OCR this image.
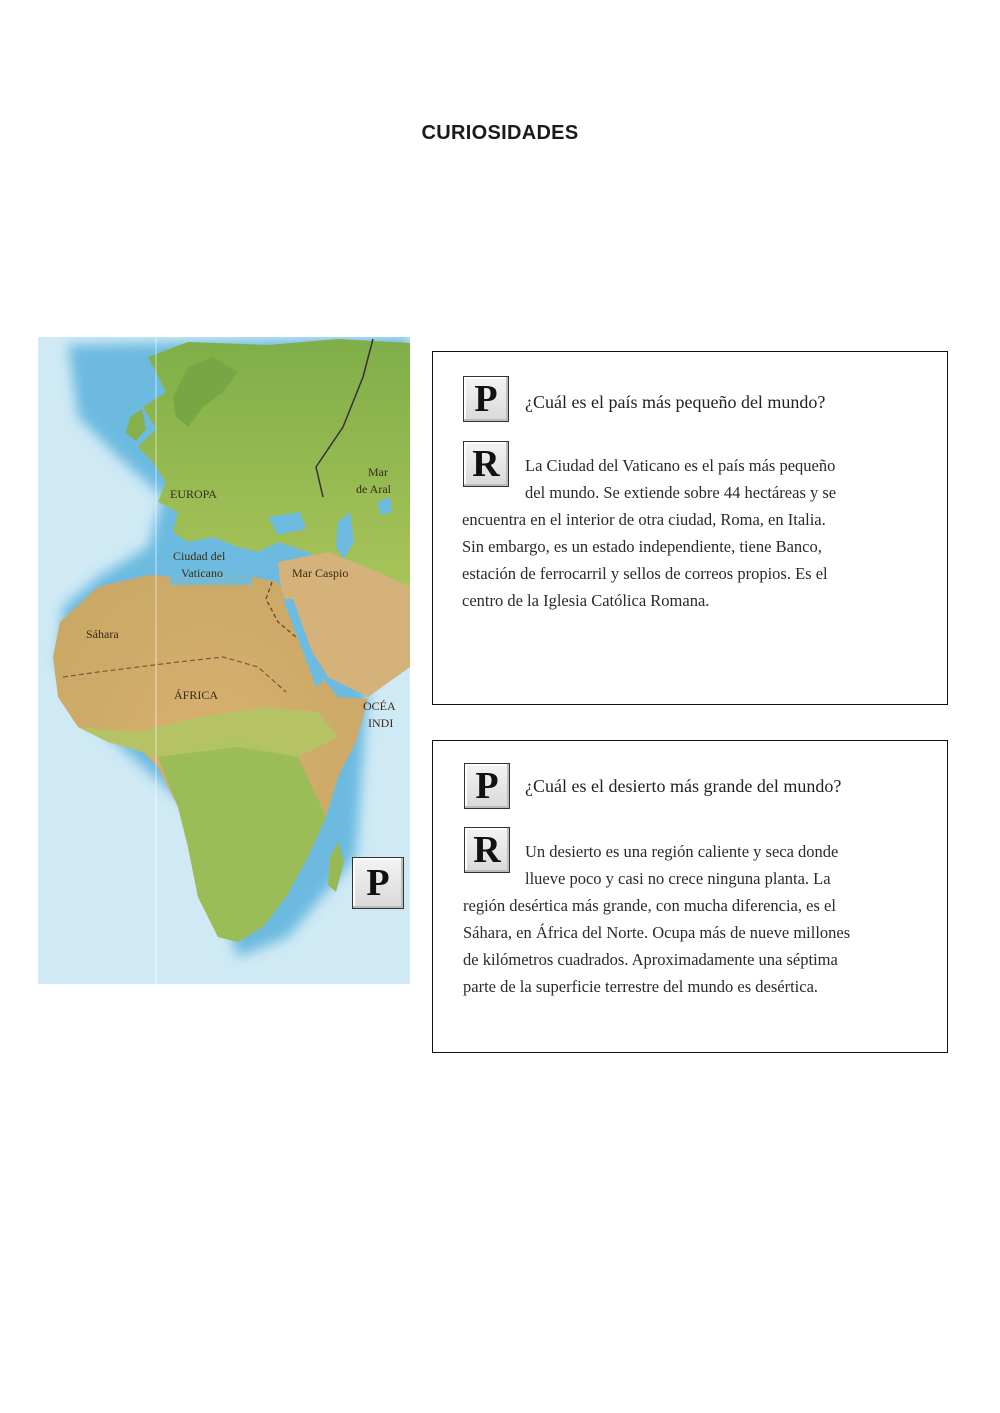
CURIOSIDADES
EUROPA
Mar
de Aral
Ciudad del
Vaticano	Mar Caspio
Sáhara
ÁFRICA
OCÉA
INDI
P
P	¿Cuál es el país más pequeño del mundo?
R	La Ciudad del Vaticano es el país más pequeño
del mundo. Se extiende sobre 44 hectáreas y se
encuentra en el interior de otra ciudad, Roma, en Italia.
Sin embargo, es un estado independiente, tiene Banco,
estación de ferrocarril y sellos de correos propios. Es el
centro de la Iglesia Católica Romana.
P	¿Cuál es el desierto más grande del mundo?
R	Un desierto es una región caliente y seca donde
llueve poco y casi no crece ninguna planta. La
región desértica más grande, con mucha diferencia, es el
Sáhara, en África del Norte. Ocupa más de nueve millones
de kilómetros cuadrados. Aproximadamente una séptima
parte de la superficie terrestre del mundo es desértica.
